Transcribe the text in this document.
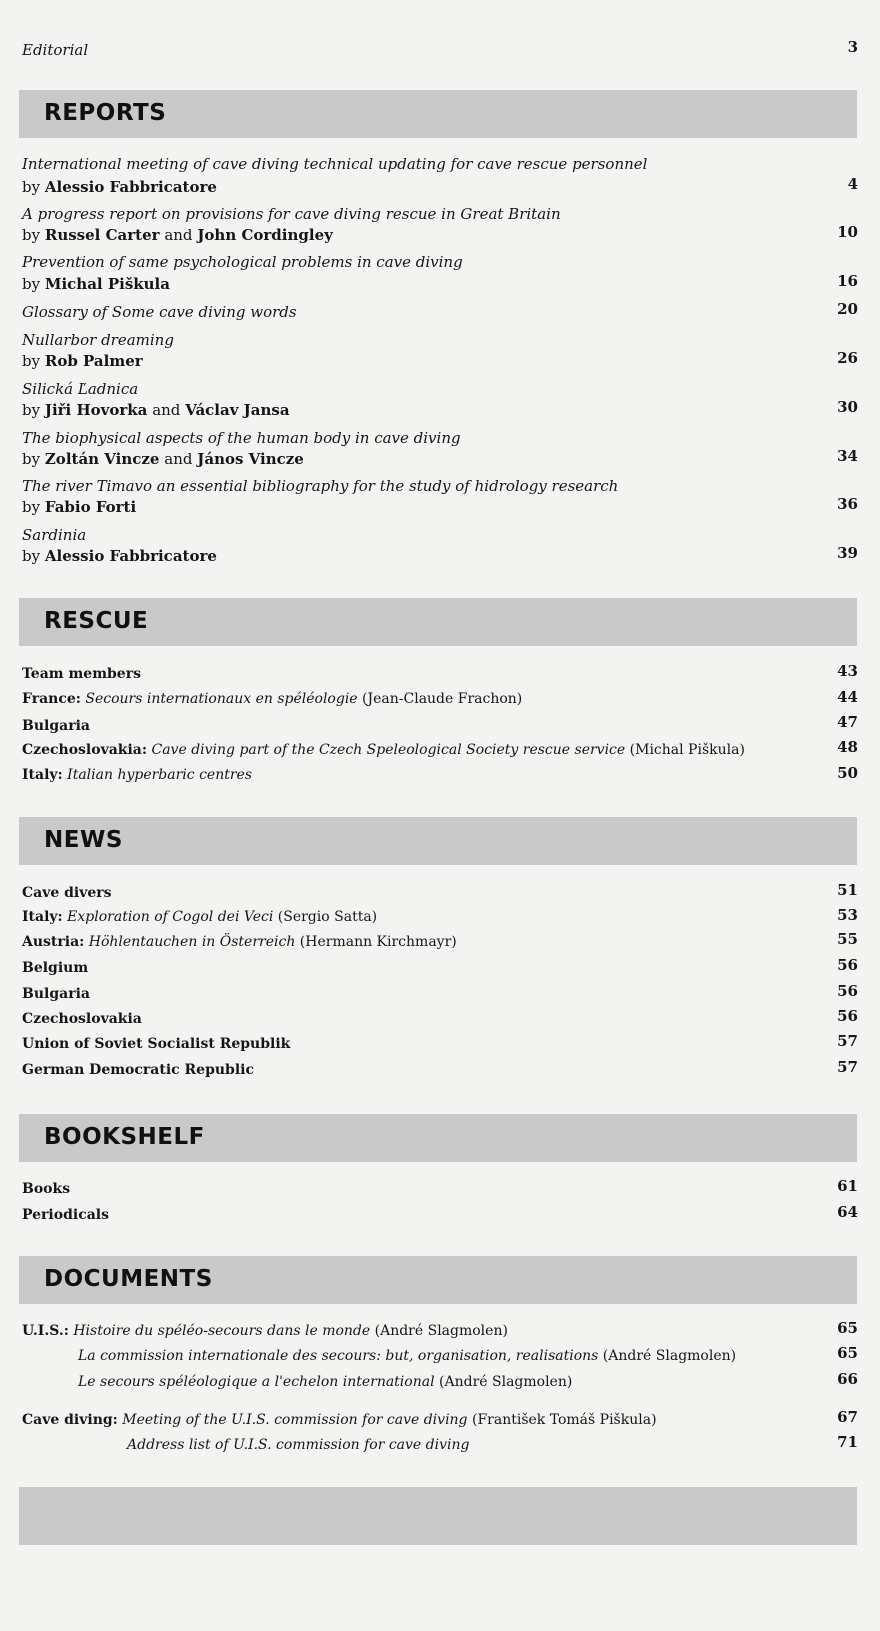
Editorial	3
REPORTS
International meeting of cave diving technical updating for cave rescue personnel
by Alessio Fabbricatore	4
A progress report on provisions for cave diving rescue in Great Britain
by Russel Carter and John Cordingley	10
Prevention of same psychological problems in cave diving
by Michal Piškula	16
Glossary of Some cave diving words	20
Nullarbor dreaming
by Rob Palmer	26
Silická Ľadnica
by Jiři Hovorka and Václav Jansa	30
The biophysical aspects of the human body in cave diving
by Zoltán Vincze and János Vincze	34
The river Timavo an essential bibliography for the study of hidrology research
by Fabio Forti	36
Sardinia
by Alessio Fabbricatore	39
RESCUE
Team members	43
France: Secours internationaux en spéléologie (Jean-Claude Frachon)	44
Bulgaria	47
Czechoslovakia: Cave diving part of the Czech Speleological Society rescue service (Michal Piškula)	48
Italy: Italian hyperbaric centres	50
NEWS
Cave divers	51
Italy: Exploration of Cogol dei Veci (Sergio Satta)	53
Austria: Höhlentauchen in Österreich (Hermann Kirchmayr)	55
Belgium	56
Bulgaria	56
Czechoslovakia	56
Union of Soviet Socialist Republik	57
German Democratic Republic	57
BOOKSHELF
Books	61
Periodicals	64
DOCUMENTS
U.I.S.: Histoire du spéléo-secours dans le monde (André Slagmolen)	65
La commission internationale des secours: but, organisation, realisations (André Slagmolen)	65
Le secours spéléologique a l'echelon international (André Slagmolen)	66
Cave diving: Meeting of the U.I.S. commission for cave diving (František Tomáš Piškula)	67
Address list of U.I.S. commission for cave diving	71
